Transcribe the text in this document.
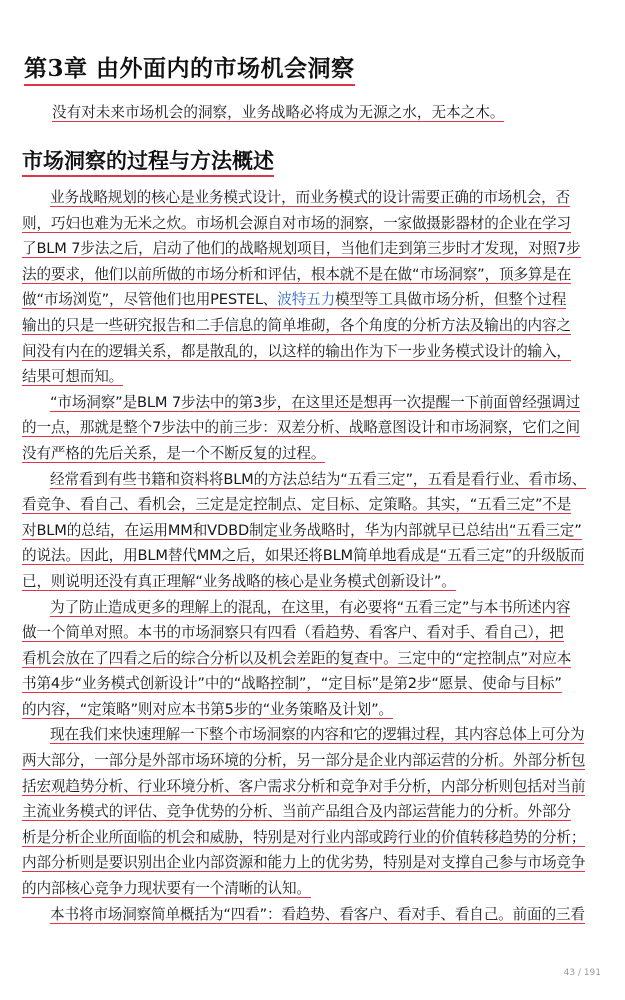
第3章 由外面内的市场机会洞察

没有对未来市场机会的洞察，业务战略必将成为无源之水，无本之木。

市场洞察的过程与方法概述
业务战略规划的核心是业务模式设计，而业务模式的设计需要正确的市场机会，否
则，巧妇也难为无米之炊。市场机会源自对市场的洞察，一家做摄影器材的企业在学习
了BLM 7步法之后，启动了他们的战略规划项目，当他们走到第三步时才发现，对照7步
法的要求，他们以前所做的市场分析和评估，根本就不是在做“市场洞察”，顶多算是在
做“市场浏览”，尽管他们也用PESTEL、波特五力模型等工具做市场分析，但整个过程
输出的只是一些研究报告和二手信息的简单堆砌，各个角度的分析方法及输出的内容之
间没有内在的逻辑关系，都是散乱的，以这样的输出作为下一步业务模式设计的输入，
结果可想而知。
“市场洞察”是BLM 7步法中的第3步，在这里还是想再一次提醒一下前面曾经强调过
的一点，那就是整个7步法中的前三步：双差分析、战略意图设计和市场洞察，它们之间
没有严格的先后关系，是一个不断反复的过程。
经常看到有些书籍和资料将BLM的方法总结为“五看三定”，五看是看行业、看市场、
看竞争、看自己、看机会，三定是定控制点、定目标、定策略。其实，“五看三定”不是
对BLM的总结，在运用MM和VDBD制定业务战略时，华为内部就早已总结出“五看三定”
的说法。因此，用BLM替代MM之后，如果还将BLM简单地看成是“五看三定”的升级版而
已，则说明还没有真正理解“业务战略的核心是业务模式创新设计”。
为了防止造成更多的理解上的混乱，在这里，有必要将“五看三定”与本书所述内容
做一个简单对照。本书的市场洞察只有四看（看趋势、看客户、看对手、看自己），把
看机会放在了四看之后的综合分析以及机会差距的复查中。三定中的“定控制点”对应本
书第4步“业务模式创新设计”中的“战略控制”，“定目标”是第2步“愿景、使命与目标”
的内容，“定策略”则对应本书第5步的“业务策略及计划”。
现在我们来快速理解一下整个市场洞察的内容和它的逻辑过程，其内容总体上可分为
两大部分，一部分是外部市场环境的分析，另一部分是企业内部运营的分析。外部分析包
括宏观趋势分析、行业环境分析、客户需求分析和竞争对手分析，内部分析则包括对当前
主流业务模式的评估、竞争优势的分析、当前产品组合及内部运营能力的分析。外部分
析是分析企业所面临的机会和威胁，特别是对行业内部或跨行业的价值转移趋势的分析；
内部分析则是要识别出企业内部资源和能力上的优劣势，特别是对支撑自己参与市场竞争
的内部核心竞争力现状要有一个清晰的认知。
本书将市场洞察简单概括为“四看”：看趋势、看客户、看对手、看自己。前面的三看
43 / 191
